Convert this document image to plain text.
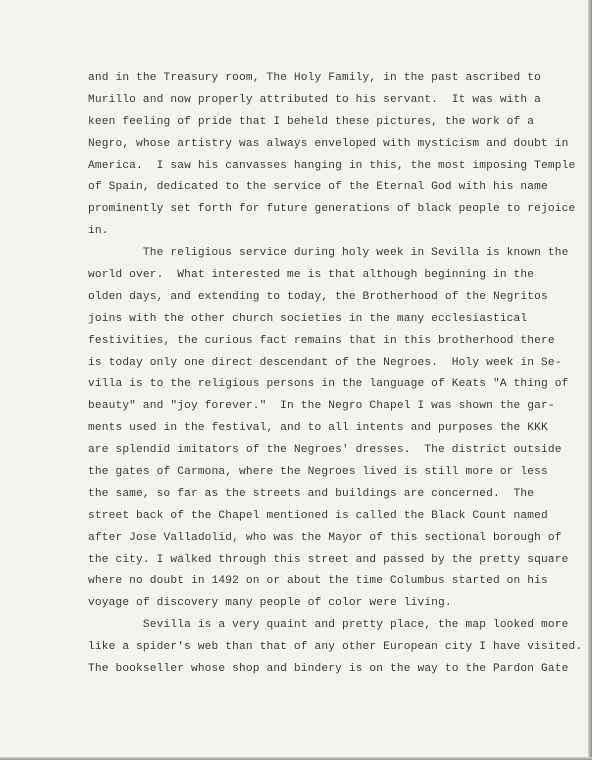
and in the Treasury room, The Holy Family, in the past ascribed to
Murillo and now properly attributed to his servant.  It was with a
keen feeling of pride that I beheld these pictures, the work of a
Negro, whose artistry was always enveloped with mysticism and doubt in
America.  I saw his canvasses hanging in this, the most imposing Temple
of Spain, dedicated to the service of the Eternal God with his name
prominently set forth for future generations of black people to rejoice
in.
The religious service during holy week in Sevilla is known the
world over.  What interested me is that although beginning in the
olden days, and extending to today, the Brotherhood of the Negritos
joins with the other church societies in the many ecclesiastical
festivities, the curious fact remains that in this brotherhood there
is today only one direct descendant of the Negroes.  Holy week in Se-
villa is to the religious persons in the language of Keats "A thing of
beauty" and "joy forever."  In the Negro Chapel I was shown the gar-
ments used in the festival, and to all intents and purposes the KKK
are splendid imitators of the Negroes' dresses.  The district outside
the gates of Carmona, where the Negroes lived is still more or less
the same, so far as the streets and buildings are concerned.  The
street back of the Chapel mentioned is called the Black Count named
after Jose Valladolid, who was the Mayor of this sectional borough of
the city. I walked through this street and passed by the pretty square
where no doubt in 1492 on or about the time Columbus started on his
voyage of discovery many people of color were living.
Sevilla is a very quaint and pretty place, the map looked more
like a spider's web than that of any other European city I have visited.
The bookseller whose shop and bindery is on the way to the Pardon Gate
